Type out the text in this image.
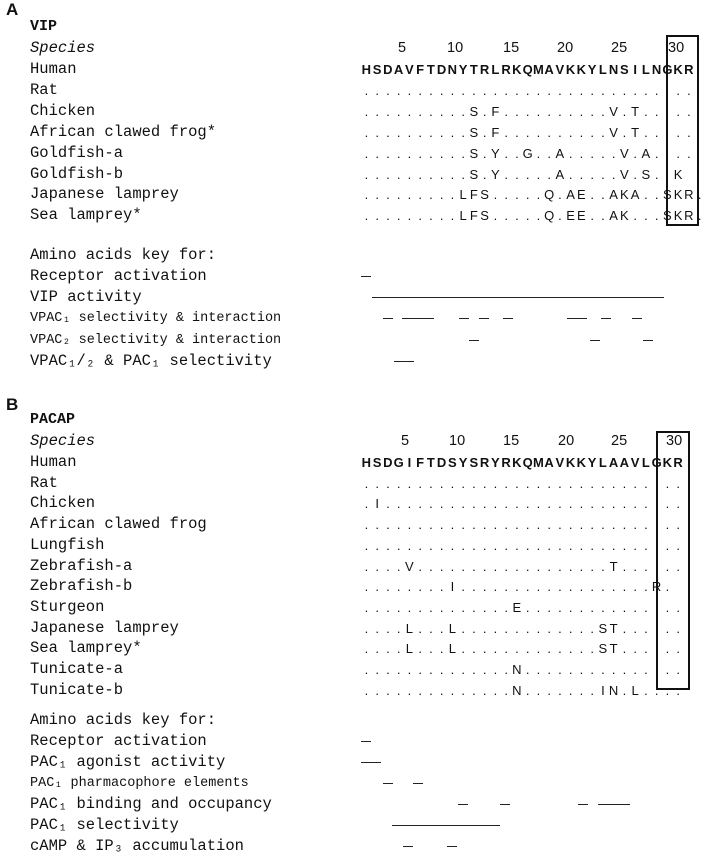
A
VIP
Species	5	10	15	20	25	30
Human	H S DA V F T DN Y T R L RKQMA V KK Y L N S I L NGKR
Rat	. . . . . . . . . . . . . . . . . . . . . . . . . . . . . . .
Chicken	. . . . . . . . . . S . F . . . . . . . . . . V . T . . . . .
African clawed frog*	. . . . . . . . . . S . F . . . . . . . . . . V . T . . . . .
Goldfish-a	. . . . . . . . . . S . Y . . G . . A . . . . . V . A . . . .
Goldfish-b	. . . . . . . . . . S . Y . . . . . A . . . . . V . S . . K
Japanese lamprey	. . . . . . . . . L F S . . . . . Q . A E . . A K A . . S K R .
Sea lamprey*	. . . . . . . . . L F S . . . . . Q . E E . . A K . . . S K R .
Amino acids key for:
Receptor activation
VIP activity
VPAC₁ selectivity & interaction
VPAC₂ selectivity & interaction
VPAC₁/₂ & PAC₁ selectivity
B
PACAP
Species	5	10	15	20	25	30
Human	H S DG I F T D S Y S R Y RKQMA V KK Y L AA V L GKR
Rat	. . . . . . . . . . . . . . . . . . . . . . . . . . . . . .
Chicken	. I . . . . . . . . . . . . . . . . . . . . . . . . . . . .
African clawed frog	. . . . . . . . . . . . . . . . . . . . . . . . . . . . . .
Lungfish	. . . . . . . . . . . . . . . . . . . . . . . . . . . . . .
Zebrafish-a	. . . . V . . . . . . . . . . . . . . . . . . T . . . . . .
Zebrafish-b	. . . . . . . . I . . . . . . . . . . . . . . . . . . R .
Sturgeon	. . . . . . . . . . . . . . E . . . . . . . . . . . . . . .
Japanese lamprey	. . . . L . . . L . . . . . . . . . . . . . S T . . . . . .
Sea lamprey*	. . . . L . . . L . . . . . . . . . . . . . S T . . . . . .
Tunicate-a	. . . . . . . . . . . . . . N . . . . . . . . . . . . . . .
Tunicate-b	. . . . . . . . . . . . . . N . . . . . . . I N . L . . . .
Amino acids key for:
Receptor activation
PAC₁ agonist activity
PAC₁ pharmacophore elements
PAC₁ binding and occupancy
PAC₁ selectivity
cAMP & IP₃ accumulation
